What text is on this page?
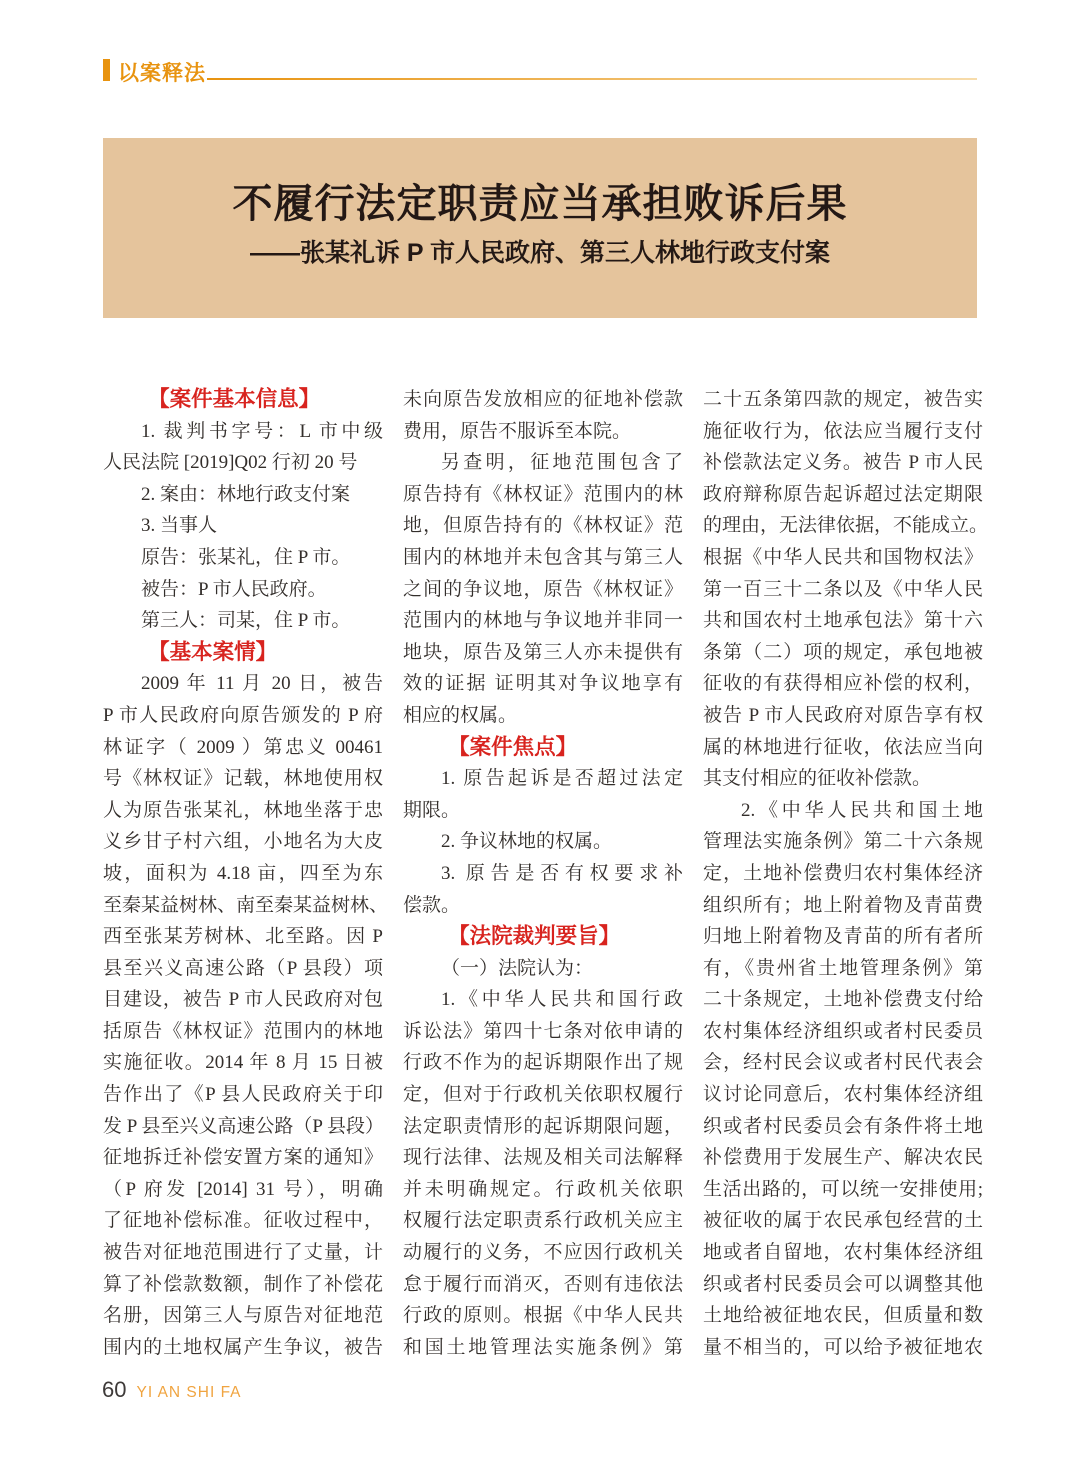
以案释法
不履行法定职责应当承担败诉后果
——张某礼诉 P 市人民政府、第三人林地行政支付案
【案件基本信息】
1. 裁判书字号：L 市中级
人民法院 [2019]Q02 行初 20 号
2. 案由：林地行政支付案
3. 当事人
原告：张某礼，住 P 市。
被告：P 市人民政府。
第三人：司某，住 P 市。
【基本案情】
2009 年 11 月 20 日，被告
P 市人民政府向原告颁发的 P 府
林证字（ 2009 ）第忠义 00461
号《林权证》记载，林地使用权
人为原告张某礼，林地坐落于忠
义乡甘子村六组，小地名为大皮
坡，面积为 4.18 亩，四至为东
至秦某益树林、南至秦某益树林、
西至张某芳树林、北至路。因 P
县至兴义高速公路（P 县段）项
目建设，被告 P 市人民政府对包
括原告《林权证》范围内的林地
实施征收。2014 年 8 月 15 日被
告作出了《P 县人民政府关于印
发 P 县至兴义高速公路（P 县段）
征地拆迁补偿安置方案的通知》
（P 府发 [2014] 31 号），明确
了征地补偿标准。征收过程中，
被告对征地范围进行了丈量，计
算了补偿款数额，制作了补偿花
名册，因第三人与原告对征地范
围内的土地权属产生争议，被告
未向原告发放相应的征地补偿款
费用，原告不服诉至本院。
另查明，征地范围包含了
原告持有《林权证》范围内的林
地，但原告持有的《林权证》范
围内的林地并未包含其与第三人
之间的争议地，原告《林权证》
范围内的林地与争议地并非同一
地块，原告及第三人亦未提供有
效的证据 证明其对争议地享有
相应的权属。
【案件焦点】
1. 原告起诉是否超过法定
期限。
2. 争议林地的权属。
3. 原告是否有权要求补
偿款。
【法院裁判要旨】
（一）法院认为：
1.《中华人民共和国行政
诉讼法》第四十七条对依申请的
行政不作为的起诉期限作出了规
定，但对于行政机关依职权履行
法定职责情形的起诉期限问题，
现行法律、法规及相关司法解释
并未明确规定。行政机关依职
权履行法定职责系行政机关应主
动履行的义务，不应因行政机关
怠于履行而消灭，否则有违依法
行政的原则。根据《中华人民共
和国土地管理法实施条例》第
二十五条第四款的规定，被告实
施征收行为，依法应当履行支付
补偿款法定义务。被告 P 市人民
政府辩称原告起诉超过法定期限
的理由，无法律依据，不能成立。
根据《中华人民共和国物权法》
第一百三十二条以及《中华人民
共和国农村土地承包法》第十六
条第（二）项的规定，承包地被
征收的有获得相应补偿的权利，
被告 P 市人民政府对原告享有权
属的林地进行征收，依法应当向
其支付相应的征收补偿款。
2.《中华人民共和国土地
管理法实施条例》第二十六条规
定，土地补偿费归农村集体经济
组织所有；地上附着物及青苗费
归地上附着物及青苗的所有者所
有，《贵州省土地管理条例》第
二十条规定，土地补偿费支付给
农村集体经济组织或者村民委员
会，经村民会议或者村民代表会
议讨论同意后，农村集体经济组
织或者村民委员会有条件将土地
补偿费用于发展生产、解决农民
生活出路的，可以统一安排使用;
被征收的属于农民承包经营的土
地或者自留地，农村集体经济组
织或者村民委员会可以调整其他
土地给被征地农民，但质量和数
量不相当的，可以给予被征地农
60 YI AN SHI FA
